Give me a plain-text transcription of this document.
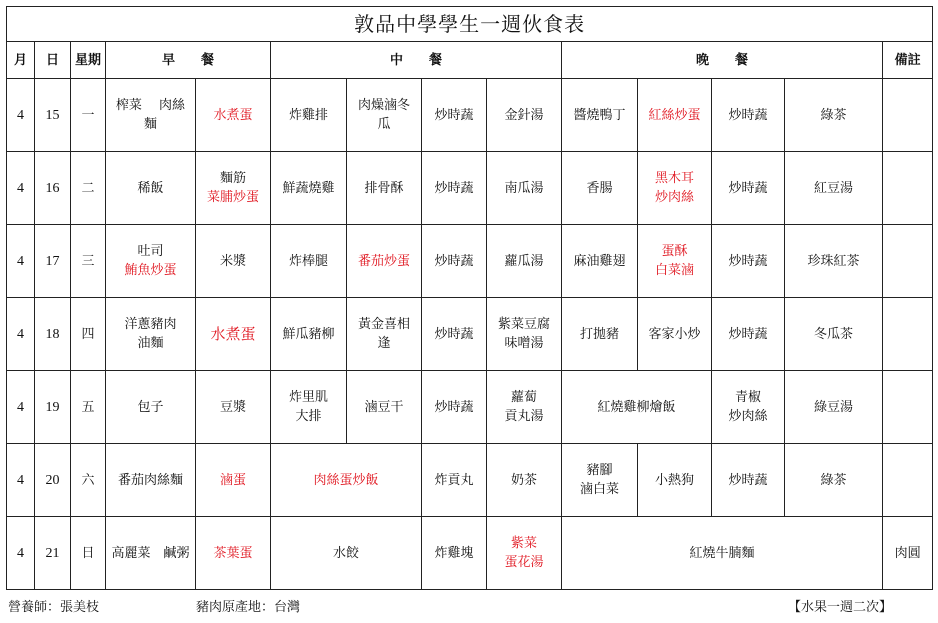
敦品中學學生一週伙食表														
月	日	星期	早　　餐		中　　餐				晚　　餐				備註	
4	15	一	榨菜　 肉絲
麵	水煮蛋	炸雞排	肉燥滷冬
瓜	炒時蔬	金針湯	醬燒鴨丁	紅絲炒蛋	炒時蔬	綠茶		

4	16	二	稀飯	麵筋
菜脯炒蛋	鮮蔬燒雞	排骨酥	炒時蔬	南瓜湯	香腸	黑木耳
炒肉絲	炒時蔬	紅豆湯		

4	17	三	吐司
鮪魚炒蛋	米漿	炸棒腿	番茄炒蛋	炒時蔬	蘿瓜湯	麻油雞翅	蛋酥
白菜滷	炒時蔬	珍珠紅茶		

4	18	四	洋蔥豬肉
油麵	水煮蛋	鮮瓜豬柳	黃金喜相
逢	炒時蔬	紫菜豆腐
味噌湯	打拋豬	客家小炒	炒時蔬	冬瓜茶		

4	19	五	包子	豆漿	炸里肌
大排	滷豆干	炒時蔬	蘿蔔
貢丸湯	紅燒雞柳燴飯		青椒
炒肉絲	綠豆湯		

4	20	六	番茄肉絲麵	滷蛋	肉絲蛋炒飯		炸貢丸	奶茶	豬腳
滷白菜	小熱狗	炒時蔬	綠茶		

4	21	日	高麗菜　鹹粥	茶葉蛋	水餃		炸雞塊	紫菜
蛋花湯	紅燒牛腩麵				肉圓	

營養師：張美枝	豬肉原產地：台灣	【水果一週二次】
